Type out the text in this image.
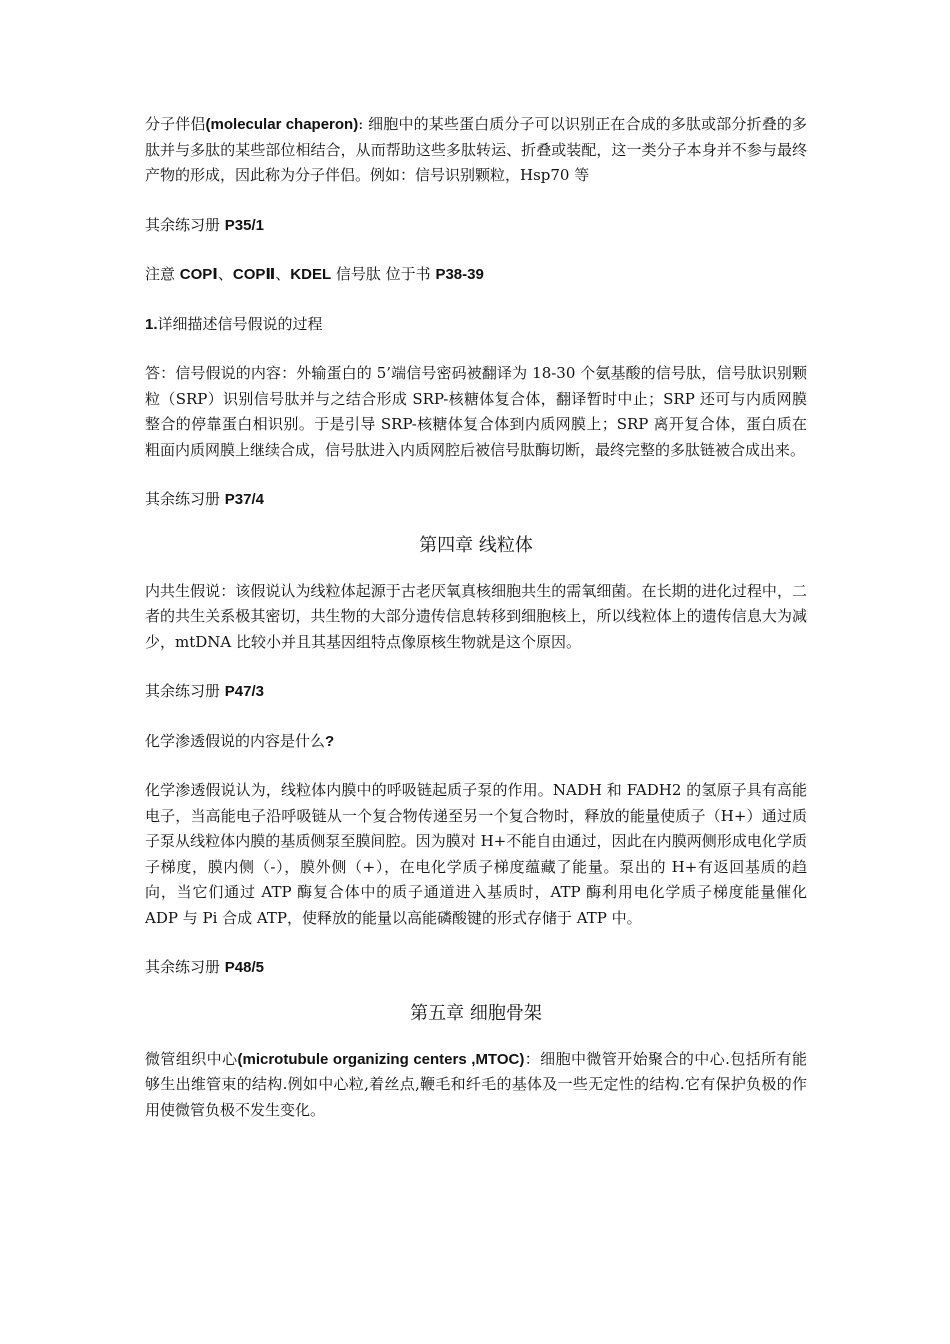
分子伴侣(molecular chaperon): 细胞中的某些蛋白质分子可以识别正在合成的多肽或部分折叠的多肽并与多肽的某些部位相结合，从而帮助这些多肽转运、折叠或装配，这一类分子本身并不参与最终产物的形成，因此称为分子伴侣。例如：信号识别颗粒，Hsp70 等

其余练习册 P35/1

注意 COPⅠ、COPⅡ、KDEL 信号肽 位于书 P38-39

1.详细描述信号假说的过程

答：信号假说的内容：外输蛋白的 5’端信号密码被翻译为 18-30 个氨基酸的信号肽，信号肽识别颗粒（SRP）识别信号肽并与之结合形成 SRP-核糖体复合体，翻译暂时中止；SRP 还可与内质网膜整合的停靠蛋白相识别。于是引导 SRP-核糖体复合体到内质网膜上；SRP 离开复合体，蛋白质在粗面内质网膜上继续合成，信号肽进入内质网腔后被信号肽酶切断，最终完整的多肽链被合成出来。

其余练习册 P37/4

第四章 线粒体

内共生假说：该假说认为线粒体起源于古老厌氧真核细胞共生的需氧细菌。在长期的进化过程中，二者的共生关系极其密切，共生物的大部分遗传信息转移到细胞核上，所以线粒体上的遗传信息大为减少，mtDNA 比较小并且其基因组特点像原核生物就是这个原因。

其余练习册 P47/3

化学渗透假说的内容是什么?

化学渗透假说认为，线粒体内膜中的呼吸链起质子泵的作用。NADH 和 FADH2 的氢原子具有高能电子，当高能电子沿呼吸链从一个复合物传递至另一个复合物时，释放的能量使质子（H+）通过质子泵从线粒体内膜的基质侧泵至膜间腔。因为膜对 H+不能自由通过，因此在内膜两侧形成电化学质子梯度，膜内侧（-），膜外侧（+），在电化学质子梯度蕴藏了能量。泵出的 H+有返回基质的趋向，当它们通过 ATP 酶复合体中的质子通道进入基质时，ATP 酶利用电化学质子梯度能量催化 ADP 与 Pi 合成 ATP，使释放的能量以高能磷酸键的形式存储于 ATP 中。

其余练习册 P48/5

第五章 细胞骨架

微管组织中心(microtubule organizing centers ,MTOC)：细胞中微管开始聚合的中心.包括所有能够生出维管束的结构.例如中心粒,着丝点,鞭毛和纤毛的基体及一些无定性的结构.它有保护负极的作用使微管负极不发生变化。
